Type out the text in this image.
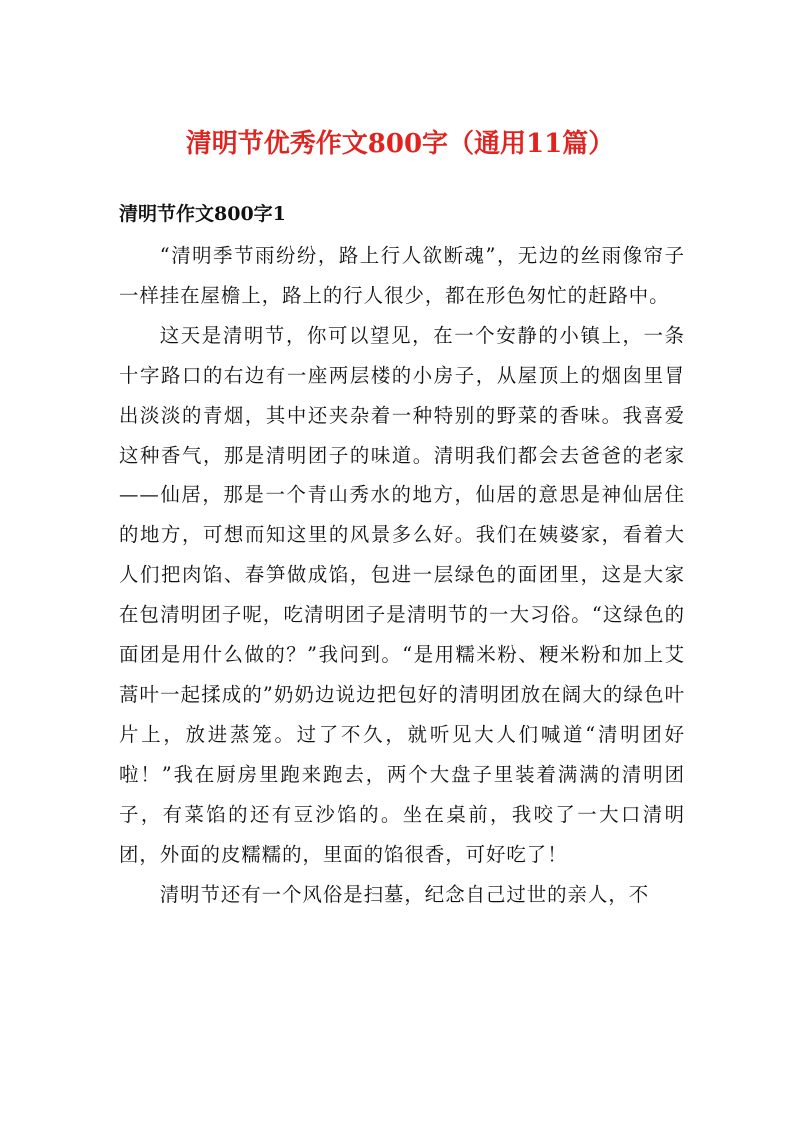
清明节优秀作文800字（通用11篇）
清明节作文800字1

“清明季节雨纷纷，路上行人欲断魂”，无边的丝雨像帘子一样挂在屋檐上，路上的行人很少，都在形色匆忙的赶路中。

这天是清明节，你可以望见，在一个安静的小镇上，一条十字路口的右边有一座两层楼的小房子，从屋顶上的烟囱里冒出淡淡的青烟，其中还夹杂着一种特别的野菜的香味。我喜爱这种香气，那是清明团子的味道。清明我们都会去爸爸的老家——仙居，那是一个青山秀水的地方，仙居的意思是神仙居住的地方，可想而知这里的风景多么好。我们在姨婆家，看着大人们把肉馅、春笋做成馅，包进一层绿色的面团里，这是大家在包清明团子呢，吃清明团子是清明节的一大习俗。“这绿色的面团是用什么做的？”我问到。“是用糯米粉、粳米粉和加上艾蒿叶一起揉成的”奶奶边说边把包好的清明团放在阔大的绿色叶片上，放进蒸笼。过了不久，就听见大人们喊道“清明团好啦！”我在厨房里跑来跑去，两个大盘子里装着满满的清明团子，有菜馅的还有豆沙馅的。坐在桌前，我咬了一大口清明团，外面的皮糯糯的，里面的馅很香，可好吃了！

清明节还有一个风俗是扫墓，纪念自己过世的亲人，不
